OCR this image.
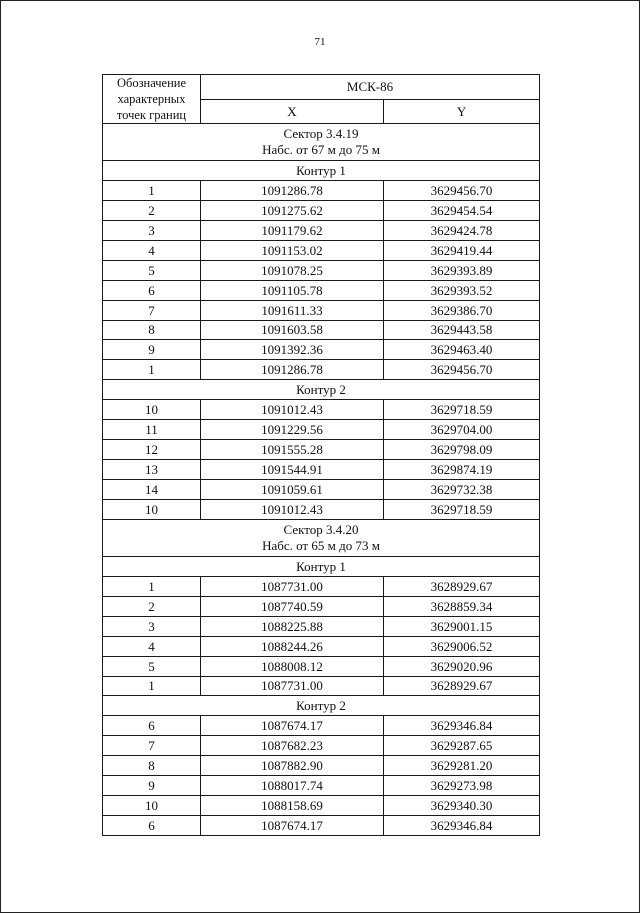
71
Обозначение характерных точек границ	МСК-86	
	X	Y

Сектор 3.4.19
Набс. от 67 м до 75 м		

Контур 1		
1	1091286.78	3629456.70
2	1091275.62	3629454.54
3	1091179.62	3629424.78
4	1091153.02	3629419.44
5	1091078.25	3629393.89
6	1091105.78	3629393.52
7	1091611.33	3629386.70
8	1091603.58	3629443.58
9	1091392.36	3629463.40
1	1091286.78	3629456.70
Контур 2		
10	1091012.43	3629718.59
11	1091229.56	3629704.00
12	1091555.28	3629798.09
13	1091544.91	3629874.19
14	1091059.61	3629732.38
10	1091012.43	3629718.59

Сектор 3.4.20
Набс. от 65 м до 73 м		

Контур 1		
1	1087731.00	3628929.67
2	1087740.59	3628859.34
3	1088225.88	3629001.15
4	1088244.26	3629006.52
5	1088008.12	3629020.96
1	1087731.00	3628929.67
Контур 2		
6	1087674.17	3629346.84
7	1087682.23	3629287.65
8	1087882.90	3629281.20
9	1088017.74	3629273.98
10	1088158.69	3629340.30
6	1087674.17	3629346.84
